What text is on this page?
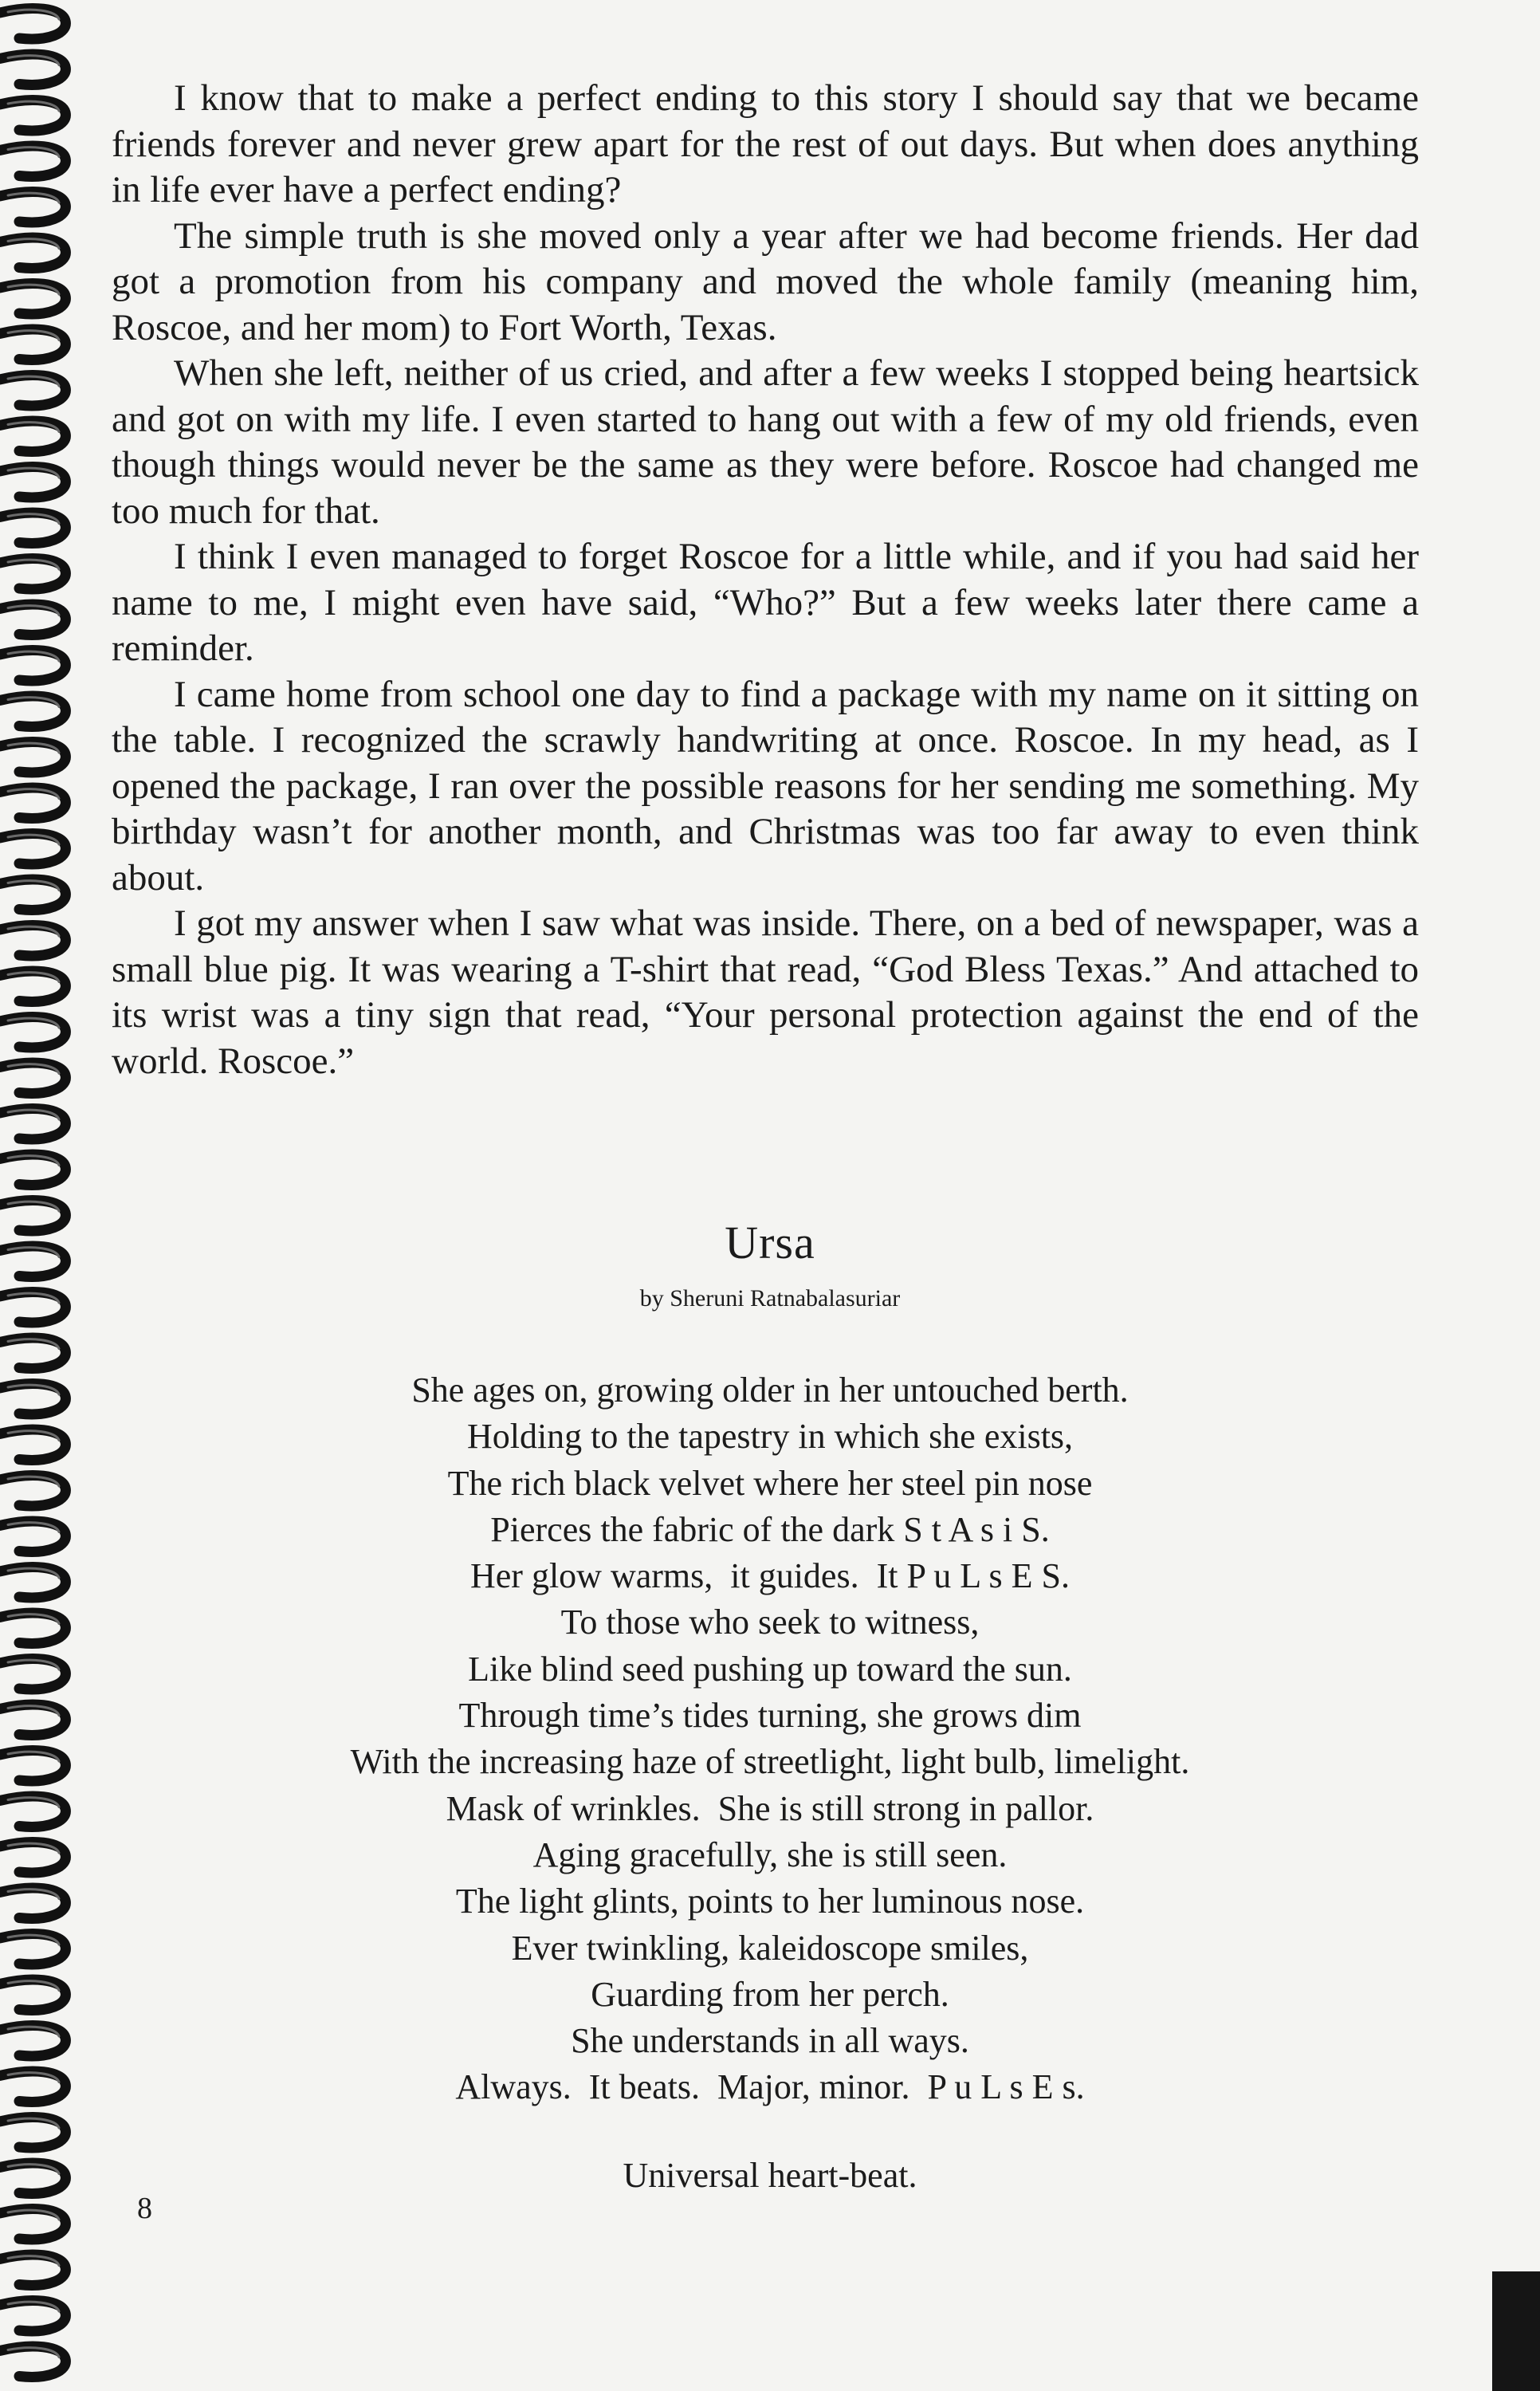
I know that to make a perfect ending to this story I should say that we became friends forever and never grew apart for the rest of out days. But when does anything in life ever have a perfect ending?

The simple truth is she moved only a year after we had become friends. Her dad got a promotion from his company and moved the whole family (meaning him, Roscoe, and her mom) to Fort Worth, Texas.

When she left, neither of us cried, and after a few weeks I stopped being heartsick and got on with my life. I even started to hang out with a few of my old friends, even though things would never be the same as they were before. Roscoe had changed me too much for that.

I think I even managed to forget Roscoe for a little while, and if you had said her name to me, I might even have said, “Who?” But a few weeks later there came a reminder.

I came home from school one day to find a package with my name on it sitting on the table. I recognized the scrawly handwriting at once. Roscoe. In my head, as I opened the package, I ran over the possible reasons for her sending me something. My birthday wasn’t for another month, and Christmas was too far away to even think about.

I got my answer when I saw what was inside. There, on a bed of newspaper, was a small blue pig. It was wearing a T-shirt that read, “God Bless Texas.” And attached to its wrist was a tiny sign that read, “Your personal protection against the end of the world. Roscoe.”

Ursa
by Sheruni Ratnabalasuriar
She ages on, growing older in her untouched berth.
Holding to the tapestry in which she exists,
The rich black velvet where her steel pin nose
Pierces the fabric of the dark S t A s i S.
Her glow warms,  it guides.  It P u L s E S.
To those who seek to witness,
Like blind seed pushing up toward the sun.
Through time’s tides turning, she grows dim
With the increasing haze of streetlight, light bulb, limelight.
Mask of wrinkles.  She is still strong in pallor.
Aging gracefully, she is still seen.
The light glints, points to her luminous nose.
Ever twinkling, kaleidoscope smiles,
Guarding from her perch.
She understands in all ways.
Always.  It beats.  Major, minor.  P u L s E s.
Universal heart-beat.
8
